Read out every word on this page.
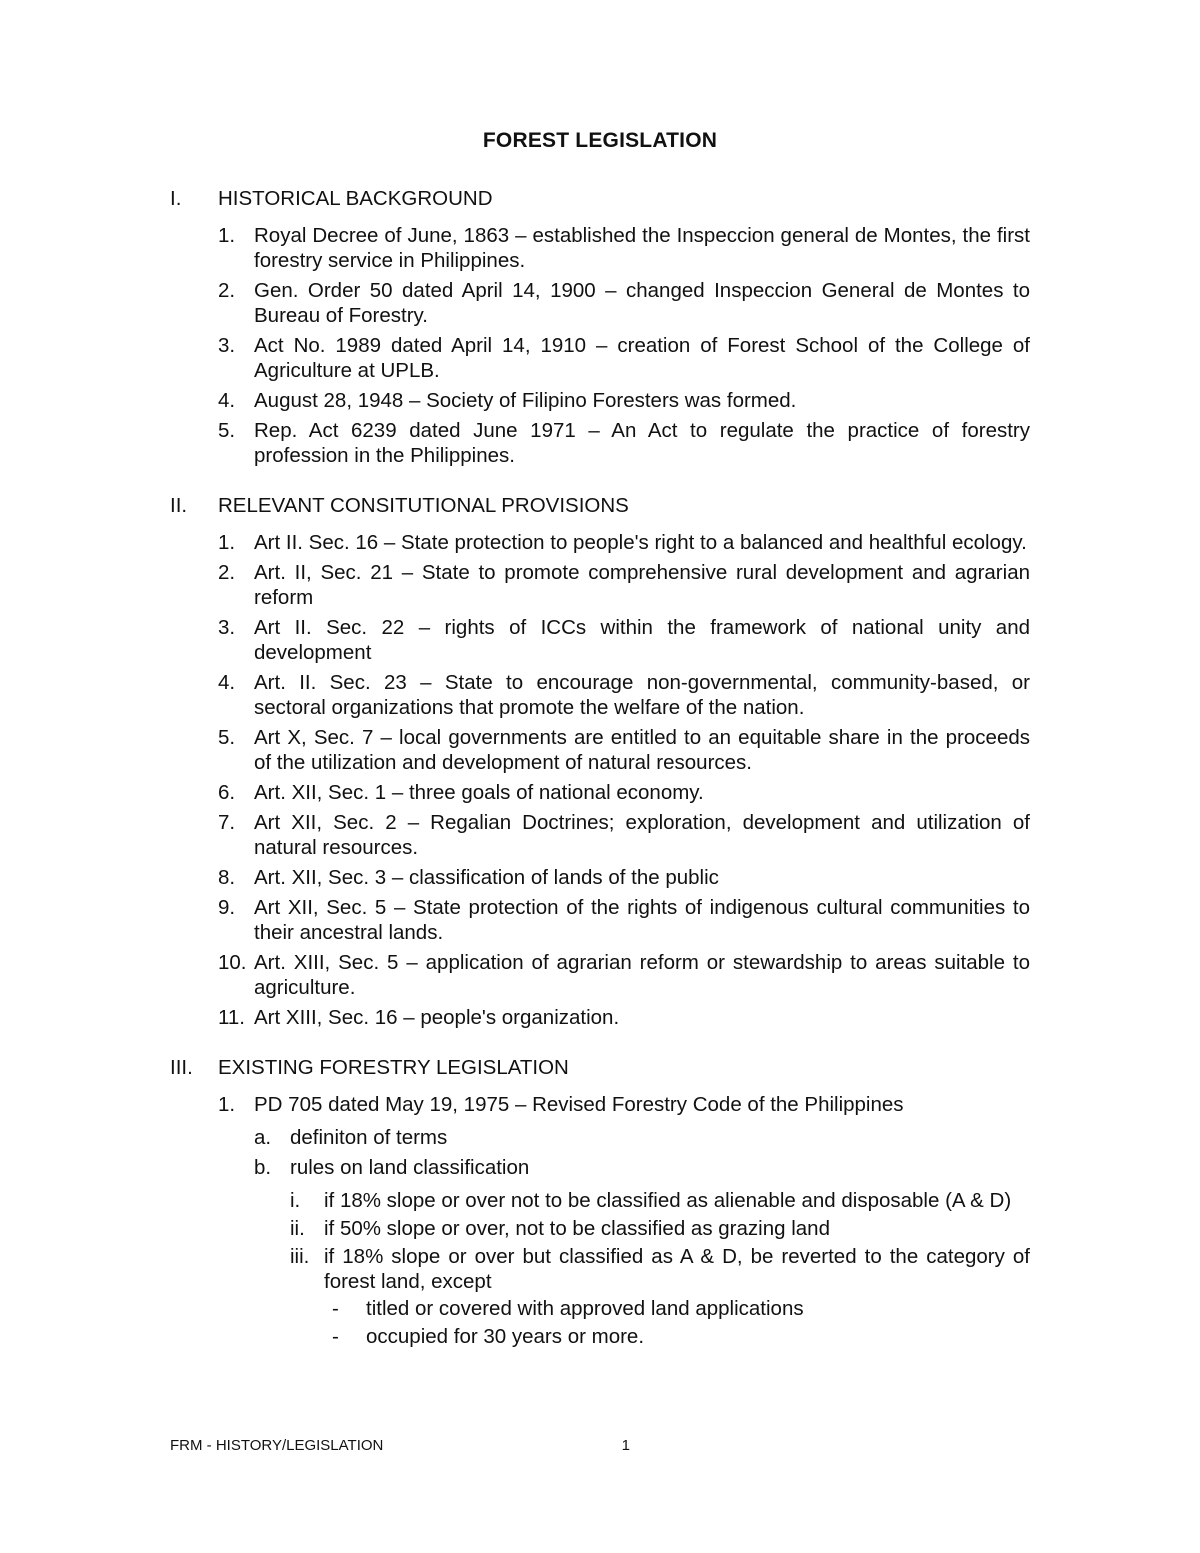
FOREST LEGISLATION
I.	HISTORICAL BACKGROUND
1. Royal Decree of June, 1863 – established the Inspeccion general de Montes, the first forestry service in Philippines.
2. Gen. Order 50 dated April 14, 1900 – changed Inspeccion General de Montes to Bureau of Forestry.
3. Act No. 1989 dated April 14, 1910 – creation of Forest School of the College of Agriculture at UPLB.
4. August 28, 1948 – Society of Filipino Foresters was formed.
5. Rep. Act 6239 dated June 1971 – An Act to regulate the practice of forestry profession in the Philippines.
II.	RELEVANT CONSITUTIONAL PROVISIONS
1. Art II. Sec. 16 – State protection to people's right to a balanced and healthful ecology.
2. Art. II, Sec. 21 – State to promote comprehensive rural development and agrarian reform
3. Art II. Sec. 22 – rights of ICCs within the framework of national unity and development
4. Art. II. Sec. 23 – State to encourage non-governmental, community-based, or sectoral organizations that promote the welfare of the nation.
5. Art X, Sec. 7 – local governments are entitled to an equitable share in the proceeds of the utilization and development of natural resources.
6. Art. XII, Sec. 1 – three goals of national economy.
7. Art XII, Sec. 2 – Regalian Doctrines; exploration, development and utilization of natural resources.
8. Art. XII, Sec. 3 – classification of lands of the public
9. Art XII, Sec. 5 – State protection of the rights of indigenous cultural communities to their ancestral lands.
10. Art. XIII, Sec. 5 – application of agrarian reform or stewardship to areas suitable to agriculture.
11. Art XIII, Sec. 16 – people's organization.
III.	EXISTING FORESTRY LEGISLATION
1. PD 705 dated May 19, 1975 – Revised Forestry Code of the Philippines
a. definiton of terms
b. rules on land classification
i.	if 18% slope or over not to be classified as alienable and disposable (A & D)
ii. if 50% slope or over, not to be classified as grazing land
iii. if 18% slope or over but classified as A & D, be reverted to the category of forest land, except
-	titled or covered with approved land applications
-	occupied for 30 years or more.
FRM - HISTORY/LEGISLATION	1
